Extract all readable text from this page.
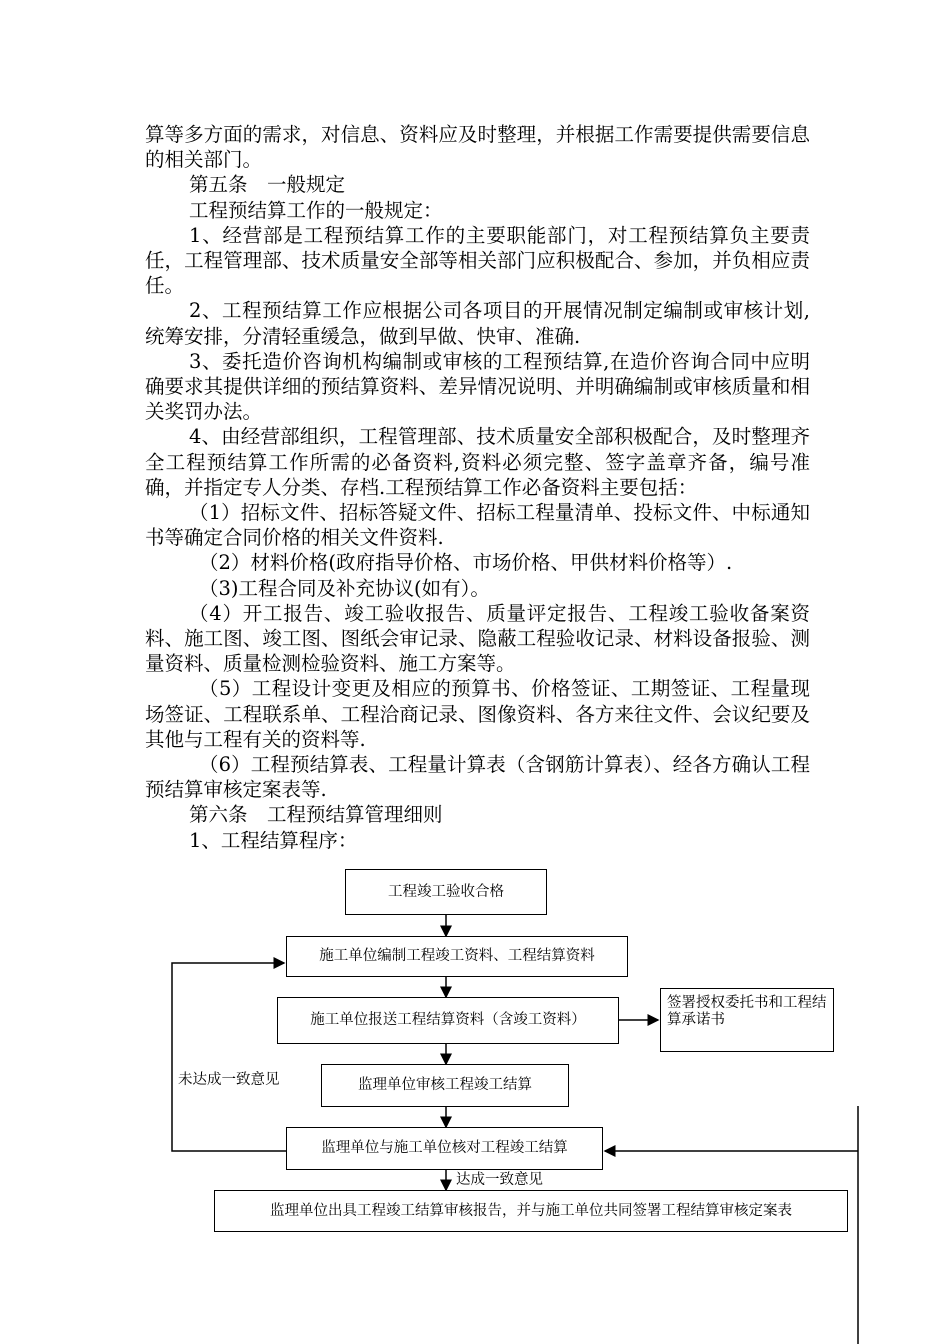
算等多方面的需求，对信息、资料应及时整理，并根据工作需要提供需要信息的相关部门。

第五条　一般规定

工程预结算工作的一般规定：

1、经营部是工程预结算工作的主要职能部门，对工程预结算负主要责任，工程管理部、技术质量安全部等相关部门应积极配合、参加，并负相应责任。

2、工程预结算工作应根据公司各项目的开展情况制定编制或审核计划,统筹安排，分清轻重缓急，做到早做、快审、准确.

3、委托造价咨询机构编制或审核的工程预结算,在造价咨询合同中应明确要求其提供详细的预结算资料、差异情况说明、并明确编制或审核质量和相关奖罚办法。

4、由经营部组织，工程管理部、技术质量安全部积极配合，及时整理齐全工程预结算工作所需的必备资料,资料必须完整、签字盖章齐备，编号准确，并指定专人分类、存档.工程预结算工作必备资料主要包括：

（1）招标文件、招标答疑文件、招标工程量清单、投标文件、中标通知书等确定合同价格的相关文件资料.

（2）材料价格(政府指导价格、市场价格、甲供材料价格等）.

（3)工程合同及补充协议(如有）。

（4）开工报告、竣工验收报告、质量评定报告、工程竣工验收备案资料、施工图、竣工图、图纸会审记录、隐蔽工程验收记录、材料设备报验、测量资料、质量检测检验资料、施工方案等。

（5）工程设计变更及相应的预算书、价格签证、工期签证、工程量现场签证、工程联系单、工程洽商记录、图像资料、各方来往文件、会议纪要及其他与工程有关的资料等.

（6）工程预结算表、工程量计算表（含钢筋计算表）、经各方确认工程预结算审核定案表等.

第六条　工程预结算管理细则

1、工程结算程序：

工程竣工验收合格
施工单位编制工程竣工资料、工程结算资料
施工单位报送工程结算资料（含竣工资料）
签署授权委托书和工程结算承诺书
未达成一致意见	监理单位审核工程竣工结算
监理单位与施工单位核对工程竣工结算
达成一致意见
监理单位出具工程竣工结算审核报告，并与施工单位共同签署工程结算审核定案表
